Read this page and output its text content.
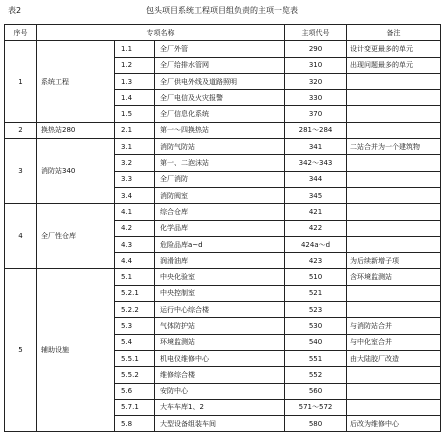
表2	包头项目系统工程项目组负责的主项一览表
序号	专项名称			主项代号	备注
1	系统工程	1.1	全厂外管	290	设计变更最多的单元
		1.2	全厂给排水管网	310	出现问题最多的单元
		1.3	全厂供电外线及道路照明	320	
		1.4	全厂电信及火灾报警	330	
		1.5	全厂信息化系统	370	
2	换热站280	2.1	第一～四换热站	281～284	
3	消防站340	3.1	消防气防站	341	二站合并为一个建筑物
		3.2	第一、二泡沫站	342～343	
		3.3	全厂消防	344	
		3.4	消防阀室	345	
4	全厂性仓库	4.1	综合仓库	421	
		4.2	化学品库	422	
		4.3	危险品库a~d	424a～d	
		4.4	润滑油库	423	为后续新增子项
5	辅助设施	5.1	中央化验室	510	含环境监测站
		5.2.1	中央控制室	521	
		5.2.2	运行中心综合楼	523	
		5.3	气体防护站	530	与消防站合并
		5.4	环境监测站	540	与中化室合并
		5.5.1	机电仪维修中心	551	由大陆胶厂改造
		5.5.2	维修综合楼	552	
		5.6	安防中心	560	
		5.7.1	大车车库1、2	571～572	
		5.8	大型设备组装车间	580	后改为维修中心
